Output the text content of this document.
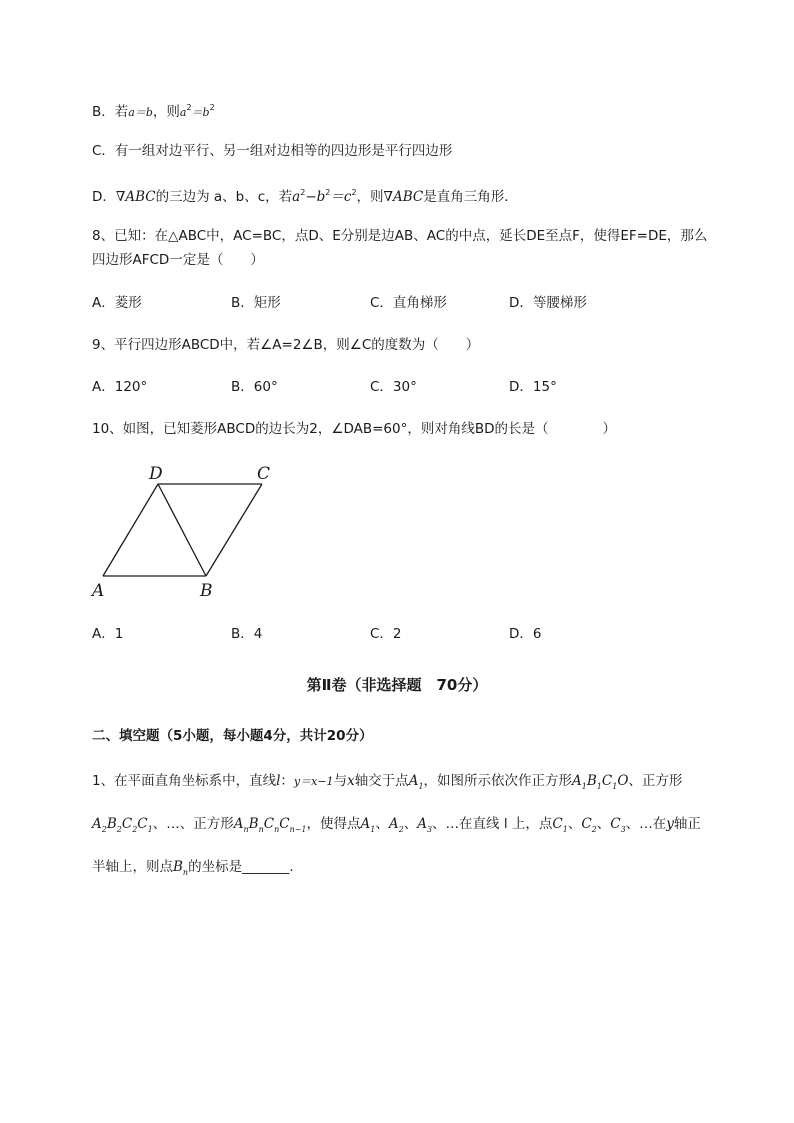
B．若a＝b，则$a^2=b^2$
C．有一组对边平行、另一组对边相等的四边形是平行四边形
D．∇ABC的三边为 a、b、c，若$a^2-b^2=c^2$，则∇ABC是直角三角形．
8、已知：在△ABC中，AC=BC，点D、E分别是边AB、AC的中点，延长DE至点F，使得EF=DE，那么
四边形AFCD一定是（　　）
A．菱形	B．矩形	C．直角梯形	D．等腰梯形
9、平行四边形ABCD中，若∠A=2∠B，则∠C的度数为（　　）
A．120°	B．60°	C．30°	D．15°
10、如图，已知菱形ABCD的边长为2，∠DAB=60°，则对角线BD的长是（　　　　）
A	B
C
D
A．1	B．4	C．2	D．6
第Ⅱ卷（非选择题　70分）
二、填空题（5小题，每小题4分，共计20分）
1、在平面直角坐标系中，直线l：y＝x−1与x轴交于点$A_1$，如图所示依次作正方形$A_1B_1C_1O$、正方形
$A_2B_2C_2C_1$、…、正方形$A_nB_nC_nC_{n-1}$，使得点$A_1$、$A_2$、$A_3$、…在直线 l 上，点$C_1$、$C_2$、$C_3$、…在y轴正
半轴上，则点$B_n$的坐标是_______．
